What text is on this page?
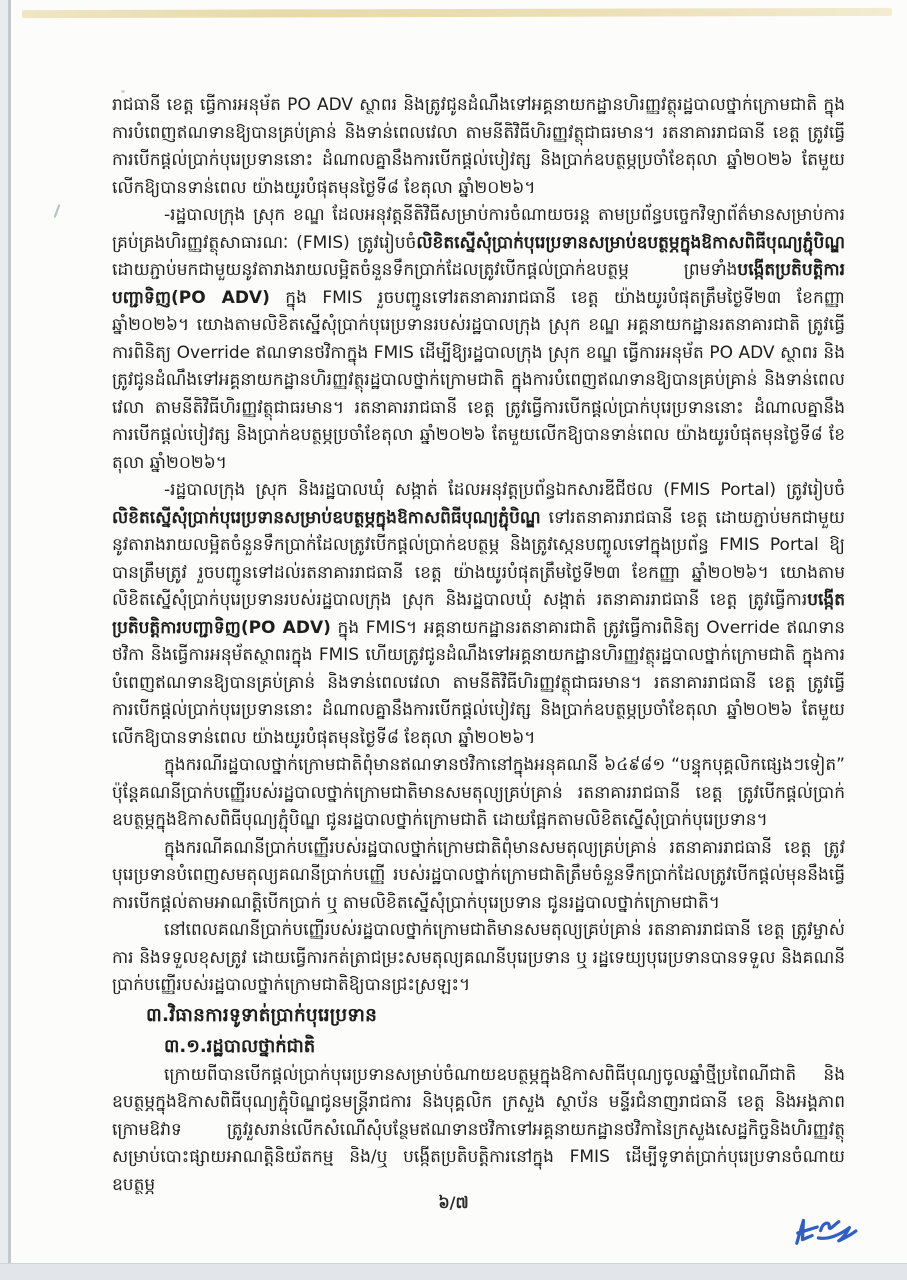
រាជធានី ខេត្ត ធ្វើការអនុម័ត PO ADV ស្ថាពរ និងត្រូវជូនដំណឹងទៅអគ្គនាយកដ្ឋានហិរញ្ញវត្ថុរដ្ឋបាលថ្នាក់ក្រោមជាតិ ក្នុងការបំពេញឥណទានឱ្យបានគ្រប់គ្រាន់ និងទាន់ពេលវេលា តាមនីតិវិធីហិរញ្ញវត្ថុជាធរមាន។ រតនាគាររាជធានី ខេត្ត ត្រូវធ្វើការបើកផ្តល់ប្រាក់បុរេប្រទាននោះ ដំណាលគ្នានឹងការបើកផ្តល់បៀវត្ស និងប្រាក់ឧបត្ថម្ភប្រចាំខែតុលា ឆ្នាំ២០២៦ តែមួយលើកឱ្យបានទាន់ពេល យ៉ាងយូរបំផុតមុនថ្ងៃទី៨ ខែតុលា ឆ្នាំ២០២៦។

-រដ្ឋបាលក្រុង ស្រុក ខណ្ឌ ដែលអនុវត្តនីតិវិធីសម្រាប់ការចំណាយចរន្ត តាមប្រព័ន្ធបច្ចេកវិទ្យាព័ត៌មានសម្រាប់ការគ្រប់គ្រងហិរញ្ញវត្ថុសាធារណៈ (FMIS) ត្រូវរៀបចំលិខិតស្នើសុំប្រាក់បុរេប្រទានសម្រាប់ឧបត្ថម្ភក្នុងឱកាសពិធីបុណ្យភ្ជុំបិណ្ឌ ដោយភ្ជាប់មកជាមួយនូវតារាងរាយលម្អិតចំនួនទឹកប្រាក់ដែលត្រូវបើកផ្តល់ប្រាក់ឧបត្ថម្ភ ព្រមទាំងបង្កើតប្រតិបត្តិការបញ្ជាទិញ(PO ADV) ក្នុង FMIS រួចបញ្ជូនទៅរតនាគាររាជធានី ខេត្ត យ៉ាងយូរបំផុតត្រឹមថ្ងៃទី២៣ ខែកញ្ញា ឆ្នាំ២០២៦។ យោងតាមលិខិតស្នើសុំប្រាក់បុរេប្រទានរបស់រដ្ឋបាលក្រុង ស្រុក ខណ្ឌ អគ្គនាយកដ្ឋានរតនាគារជាតិ ត្រូវធ្វើការពិនិត្យ Override ឥណទានថវិកាក្នុង FMIS ដើម្បីឱ្យរដ្ឋបាលក្រុង ស្រុក ខណ្ឌ ធ្វើការអនុម័ត PO ADV ស្ថាពរ និងត្រូវជូនដំណឹងទៅអគ្គនាយកដ្ឋានហិរញ្ញវត្ថុរដ្ឋបាលថ្នាក់ក្រោមជាតិ ក្នុងការបំពេញឥណទានឱ្យបានគ្រប់គ្រាន់ និងទាន់ពេលវេលា តាមនីតិវិធីហិរញ្ញវត្ថុជាធរមាន។ រតនាគាររាជធានី ខេត្ត ត្រូវធ្វើការបើកផ្តល់ប្រាក់បុរេប្រទាននោះ ដំណាលគ្នានឹងការបើកផ្តល់បៀវត្ស និងប្រាក់ឧបត្ថម្ភប្រចាំខែតុលា ឆ្នាំ២០២៦ តែមួយលើកឱ្យបានទាន់ពេល យ៉ាងយូរបំផុតមុនថ្ងៃទី៨ ខែតុលា ឆ្នាំ២០២៦។

-រដ្ឋបាលក្រុង ស្រុក និងរដ្ឋបាលឃុំ សង្កាត់ ដែលអនុវត្តប្រព័ន្ធឯកសារឌីជីថល (FMIS Portal) ត្រូវរៀបចំលិខិតស្នើសុំប្រាក់បុរេប្រទានសម្រាប់ឧបត្ថម្ភក្នុងឱកាសពិធីបុណ្យភ្ជុំបិណ្ឌ ទៅរតនាគាររាជធានី ខេត្ត ដោយភ្ជាប់មកជាមួយនូវតារាងរាយលម្អិតចំនួនទឹកប្រាក់ដែលត្រូវបើកផ្តល់ប្រាក់ឧបត្ថម្ភ និងត្រូវស្កេនបញ្ចូលទៅក្នុងប្រព័ន្ធ FMIS Portal ឱ្យបានត្រឹមត្រូវ រួចបញ្ជូនទៅដល់រតនាគាររាជធានី ខេត្ត យ៉ាងយូរបំផុតត្រឹមថ្ងៃទី២៣ ខែកញ្ញា ឆ្នាំ២០២៦។ យោងតាមលិខិតស្នើសុំប្រាក់បុរេប្រទានរបស់រដ្ឋបាលក្រុង ស្រុក និងរដ្ឋបាលឃុំ សង្កាត់ រតនាគាររាជធានី ខេត្ត ត្រូវធ្វើការបង្កើតប្រតិបត្តិការបញ្ជាទិញ(PO ADV) ក្នុង FMIS។ អគ្គនាយកដ្ឋានរតនាគារជាតិ ត្រូវធ្វើការពិនិត្យ Override ឥណទានថវិកា និងធ្វើការអនុម័តស្ថាពរក្នុង FMIS ហើយត្រូវជូនដំណឹងទៅអគ្គនាយកដ្ឋានហិរញ្ញវត្ថុរដ្ឋបាលថ្នាក់ក្រោមជាតិ ក្នុងការបំពេញឥណទានឱ្យបានគ្រប់គ្រាន់ និងទាន់ពេលវេលា តាមនីតិវិធីហិរញ្ញវត្ថុជាធរមាន។ រតនាគាររាជធានី ខេត្ត ត្រូវធ្វើការបើកផ្តល់ប្រាក់បុរេប្រទាននោះ ដំណាលគ្នានឹងការបើកផ្តល់បៀវត្ស និងប្រាក់ឧបត្ថម្ភប្រចាំខែតុលា ឆ្នាំ២០២៦ តែមួយលើកឱ្យបានទាន់ពេល យ៉ាងយូរបំផុតមុនថ្ងៃទី៨ ខែតុលា ឆ្នាំ២០២៦។

ក្នុងករណីរដ្ឋបាលថ្នាក់ក្រោមជាតិពុំមានឥណទានថវិកានៅក្នុងអនុគណនី ៦៤៩៨១ “បន្ទុកបុគ្គលិកផ្សេងៗទៀត” ប៉ុន្តែគណនីប្រាក់បញ្ញើរបស់រដ្ឋបាលថ្នាក់ក្រោមជាតិមានសមតុល្យគ្រប់គ្រាន់ រតនាគាររាជធានី ខេត្ត ត្រូវបើកផ្តល់ប្រាក់ឧបត្ថម្ភក្នុងឱកាសពិធីបុណ្យភ្ជុំបិណ្ឌ ជូនរដ្ឋបាលថ្នាក់ក្រោមជាតិ ដោយផ្អែកតាមលិខិតស្នើសុំប្រាក់បុរេប្រទាន។

ក្នុងករណីគណនីប្រាក់បញ្ញើរបស់រដ្ឋបាលថ្នាក់ក្រោមជាតិពុំមានសមតុល្យគ្រប់គ្រាន់ រតនាគាររាជធានី ខេត្ត ត្រូវបុរេប្រទានបំពេញសមតុល្យគណនីប្រាក់បញ្ញើ របស់រដ្ឋបាលថ្នាក់ក្រោមជាតិត្រឹមចំនួនទឹកប្រាក់ដែលត្រូវបើកផ្តល់មុននឹងធ្វើការបើកផ្តល់តាមអាណត្តិបើកប្រាក់ ឬ តាមលិខិតស្នើសុំប្រាក់បុរេប្រទាន ជូនរដ្ឋបាលថ្នាក់ក្រោមជាតិ។

នៅពេលគណនីប្រាក់បញ្ញើរបស់រដ្ឋបាលថ្នាក់ក្រោមជាតិមានសមតុល្យគ្រប់គ្រាន់ រតនាគាររាជធានី ខេត្ត ត្រូវម្ចាស់ការ និងទទួលខុសត្រូវ ដោយធ្វើការកត់ត្រាជម្រះសមតុល្យគណនីបុរេប្រទាន ឬ រដ្ឋទេយ្យបុរេប្រទានបានទទួល និងគណនីប្រាក់បញ្ញើរបស់រដ្ឋបាលថ្នាក់ក្រោមជាតិឱ្យបានជ្រះស្រឡះ។

៣.វិធានការទូទាត់ប្រាក់បុរេប្រទាន
៣.១.រដ្ឋបាលថ្នាក់ជាតិ

ក្រោយពីបានបើកផ្តល់ប្រាក់បុរេប្រទានសម្រាប់ចំណាយឧបត្ថម្ភក្នុងឱកាសពិធីបុណ្យចូលឆ្នាំថ្មីប្រពៃណីជាតិ និងឧបត្ថម្ភក្នុងឱកាសពិធីបុណ្យភ្ជុំបិណ្ឌជូនមន្ត្រីរាជការ និងបុគ្គលិក ក្រសួង ស្ថាប័ន មន្ទីរជំនាញរាជធានី ខេត្ត និងអង្គភាពក្រោមឱវាទ ត្រូវរួសរាន់លើកសំណើសុំបន្ថែមឥណទានថវិកាទៅអគ្គនាយកដ្ឋានថវិកានៃក្រសួងសេដ្ឋកិច្ចនិងហិរញ្ញវត្ថុសម្រាប់បោះផ្សាយអាណត្តិនិយ័តកម្ម និង/ឬ បង្កើតប្រតិបត្តិការនៅក្នុង FMIS ដើម្បីទូទាត់ប្រាក់បុរេប្រទានចំណាយឧបត្ថម្ភ

៦/៧
